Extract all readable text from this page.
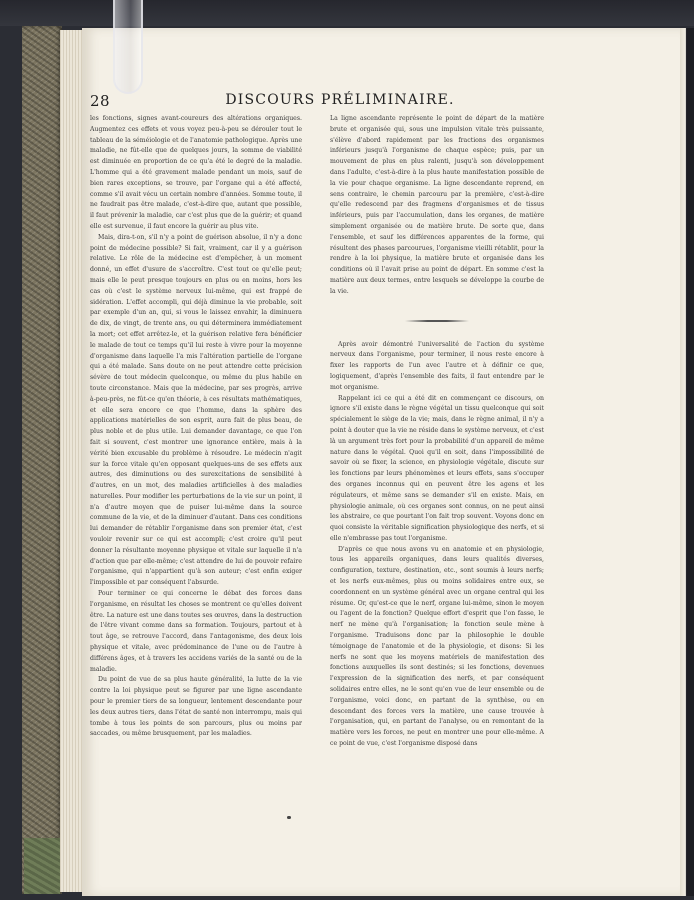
28	DISCOURS PRÉLIMINAIRE.

les fonctions, signes avant-coureurs des altérations organiques. Augmentez ces effets et vous voyez peu-à-peu se dérouler tout le tableau de la séméiologie et de l'anatomie pathologique. Après une maladie, ne fût-elle que de quelques jours, la somme de viabilité est diminuée en proportion de ce qu'a été le degré de la maladie. L'homme qui a été gravement malade pendant un mois, sauf de bien rares exceptions, se trouve, par l'organe qui a été affecté, comme s'il avait vécu un certain nombre d'années. Somme toute, il ne faudrait pas être malade, c'est-à-dire que, autant que possible, il faut prévenir la maladie, car c'est plus que de la guérir; et quand elle est survenue, il faut encore la guérir au plus vite.

Mais, dira-t-on, s'il n'y a point de guérison absolue, il n'y a donc point de médecine possible? Si fait, vraiment, car il y a guérison relative. Le rôle de la médecine est d'empêcher, à un moment donné, un effet d'usure de s'accroître. C'est tout ce qu'elle peut; mais elle le peut presque toujours en plus ou en moins, hors les cas où c'est le système nerveux lui-même, qui est frappé de sidération. L'effet accompli, qui déjà diminue la vie probable, soit par exemple d'un an, qui, si vous le laissez envahir, la diminuera de dix, de vingt, de trente ans, ou qui déterminera immédiatement la mort; cet effet arrêtez-le, et la guérison relative fera bénéficier le malade de tout ce temps qu'il lui reste à vivre pour la moyenne d'organisme dans laquelle l'a mis l'altération partielle de l'organe qui a été malade. Sans doute on ne peut attendre cette précision sévère de tout médecin quelconque, ou même du plus habile en toute circonstance. Mais que la médecine, par ses progrès, arrive à-peu-près, ne fût-ce qu'en théorie, à ces résultats mathématiques, et elle sera encore ce que l'homme, dans la sphère des applications matérielles de son esprit, aura fait de plus beau, de plus noble et de plus utile. Lui demander davantage, ce que l'on fait si souvent, c'est montrer une ignorance entière, mais à la vérité bien excusable du problème à résoudre. Le médecin n'agit sur la force vitale qu'en opposant quelques-uns de ses effets aux autres, des diminutions ou des surexcitations de sensibilité à d'autres, en un mot, des maladies artificielles à des maladies naturelles. Pour modifier les perturbations de la vie sur un point, il n'a d'autre moyen que de puiser lui-même dans la source commune de la vie, et de la diminuer d'autant. Dans ces conditions lui demander de rétablir l'organisme dans son premier état, c'est vouloir revenir sur ce qui est accompli; c'est croire qu'il peut donner la résultante moyenne physique et vitale sur laquelle il n'a d'action que par elle-même; c'est attendre de lui de pouvoir refaire l'organisme, qui n'appartient qu'à son auteur; c'est enfin exiger l'impossible et par conséquent l'absurde.

Pour terminer ce qui concerne le débat des forces dans l'organisme, en résultat les choses se montrent ce qu'elles doivent être. La nature est une dans toutes ses œuvres, dans la destruction de l'être vivant comme dans sa formation. Toujours, partout et à tout âge, se retrouve l'accord, dans l'antagonisme, des deux lois physique et vitale, avec prédominance de l'une ou de l'autre à différens âges, et à travers les accidens variés de la santé ou de la maladie.

Du point de vue de sa plus haute généralité, la lutte de la vie contre la loi physique peut se figurer par une ligne ascendante pour le premier tiers de sa longueur, lentement descendante pour les deux autres tiers, dans l'état de santé non interrompu, mais qui tombe à tous les points de son parcours, plus ou moins par saccades, ou même brusquement, par les maladies.

La ligne ascendante représente le point de départ de la matière brute et organisée qui, sous une impulsion vitale très puissante, s'élève d'abord rapidement par les fractions des organismes inférieurs jusqu'à l'organisme de chaque espèce; puis, par un mouvement de plus en plus ralenti, jusqu'à son développement dans l'adulte, c'est-à-dire à la plus haute manifestation possible de la vie pour chaque organisme. La ligne descendante reprend, en sens contraire, le chemin parcouru par la première, c'est-à-dire qu'elle redescend par des fragmens d'organismes et de tissus inférieurs, puis par l'accumulation, dans les organes, de matière simplement organisée ou de matière brute. De sorte que, dans l'ensemble, et sauf les différences apparentes de la forme, qui résultent des phases parcourues, l'organisme vieilli rétablit, pour la rendre à la loi physique, la matière brute et organisée dans les conditions où il l'avait prise au point de départ. En somme c'est la matière aux deux termes, entre lesquels se développe la courbe de la vie.

Après avoir démontré l'universalité de l'action du système nerveux dans l'organisme, pour terminer, il nous reste encore à fixer les rapports de l'un avec l'autre et à définir ce que, logiquement, d'après l'ensemble des faits, il faut entendre par le mot organisme.

Rappelant ici ce qui a été dit en commençant ce discours, on ignore s'il existe dans le règne végétal un tissu quelconque qui soit spécialement le siège de la vie; mais, dans le règne animal, il n'y a point à douter que la vie ne réside dans le système nerveux, et c'est là un argument très fort pour la probabilité d'un appareil de même nature dans le végétal. Quoi qu'il en soit, dans l'impossibilité de savoir où se fixer, la science, en physiologie végétale, discute sur les fonctions par leurs phénomènes et leurs effets, sans s'occuper des organes inconnus qui en peuvent être les agens et les régulateurs, et même sans se demander s'il en existe. Mais, en physiologie animale, où ces organes sont connus, on ne peut ainsi les abstraire, ce que pourtant l'on fait trop souvent. Voyons donc en quoi consiste la véritable signification physiologique des nerfs, et si elle n'embrasse pas tout l'organisme.

D'après ce que nous avons vu en anatomie et en physiologie, tous les appareils organiques, dans leurs qualités diverses, configuration, texture, destination, etc., sont soumis à leurs nerfs; et les nerfs eux-mêmes, plus ou moins solidaires entre eux, se coordonnent en un système général avec un organe central qui les résume. Or, qu'est-ce que le nerf, organe lui-même, sinon le moyen ou l'agent de la fonction? Quelque effort d'esprit que l'on fasse, le nerf ne mène qu'à l'organisation; la fonction seule mène à l'organisme. Traduisons donc par la philosophie le double témoignage de l'anatomie et de la physiologie, et disons: Si les nerfs ne sont que les moyens matériels de manifestation des fonctions auxquelles ils sont destinés; si les fonctions, devenues l'expression de la signification des nerfs, et par conséquent solidaires entre elles, ne le sont qu'en vue de leur ensemble ou de l'organisme, voici donc, en partant de la synthèse, ou en descendant des forces vers la matière, une cause trouvée à l'organisation, qui, en partant de l'analyse, ou en remontant de la matière vers les forces, ne peut en montrer une pour elle-même. A ce point de vue, c'est l'organisme disposé dans
